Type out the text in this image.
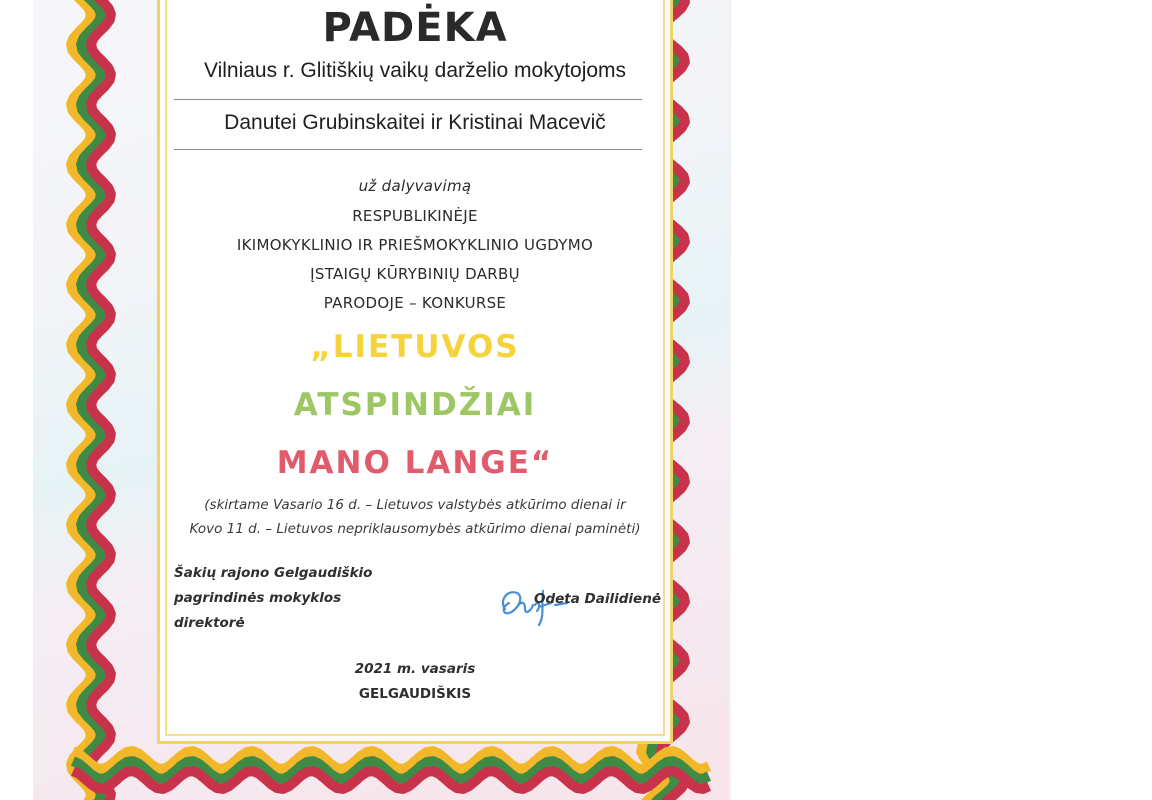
PADĖKA
Vilniaus r. Glitiškių vaikų darželio mokytojoms
Danutei Grubinskaitei ir Kristinai Macevič
už dalyvavimą
RESPUBLIKINĖJE
IKIMOKYKLINIO IR PRIEŠMOKYKLINIO UGDYMO
ĮSTAIGŲ KŪRYBINIŲ DARBŲ
PARODOJE – KONKURSE
„LIETUVOS
ATSPINDŽIAI
MANO LANGE“
(skirtame Vasario 16 d. – Lietuvos valstybės atkūrimo dienai ir
Kovo 11 d. – Lietuvos nepriklausomybės atkūrimo dienai paminėti)
Šakių rajono Gelgaudiškio
pagrindinės mokyklos
direktorė
Odeta Dailidienė
2021 m. vasaris
GELGAUDIŠKIS
